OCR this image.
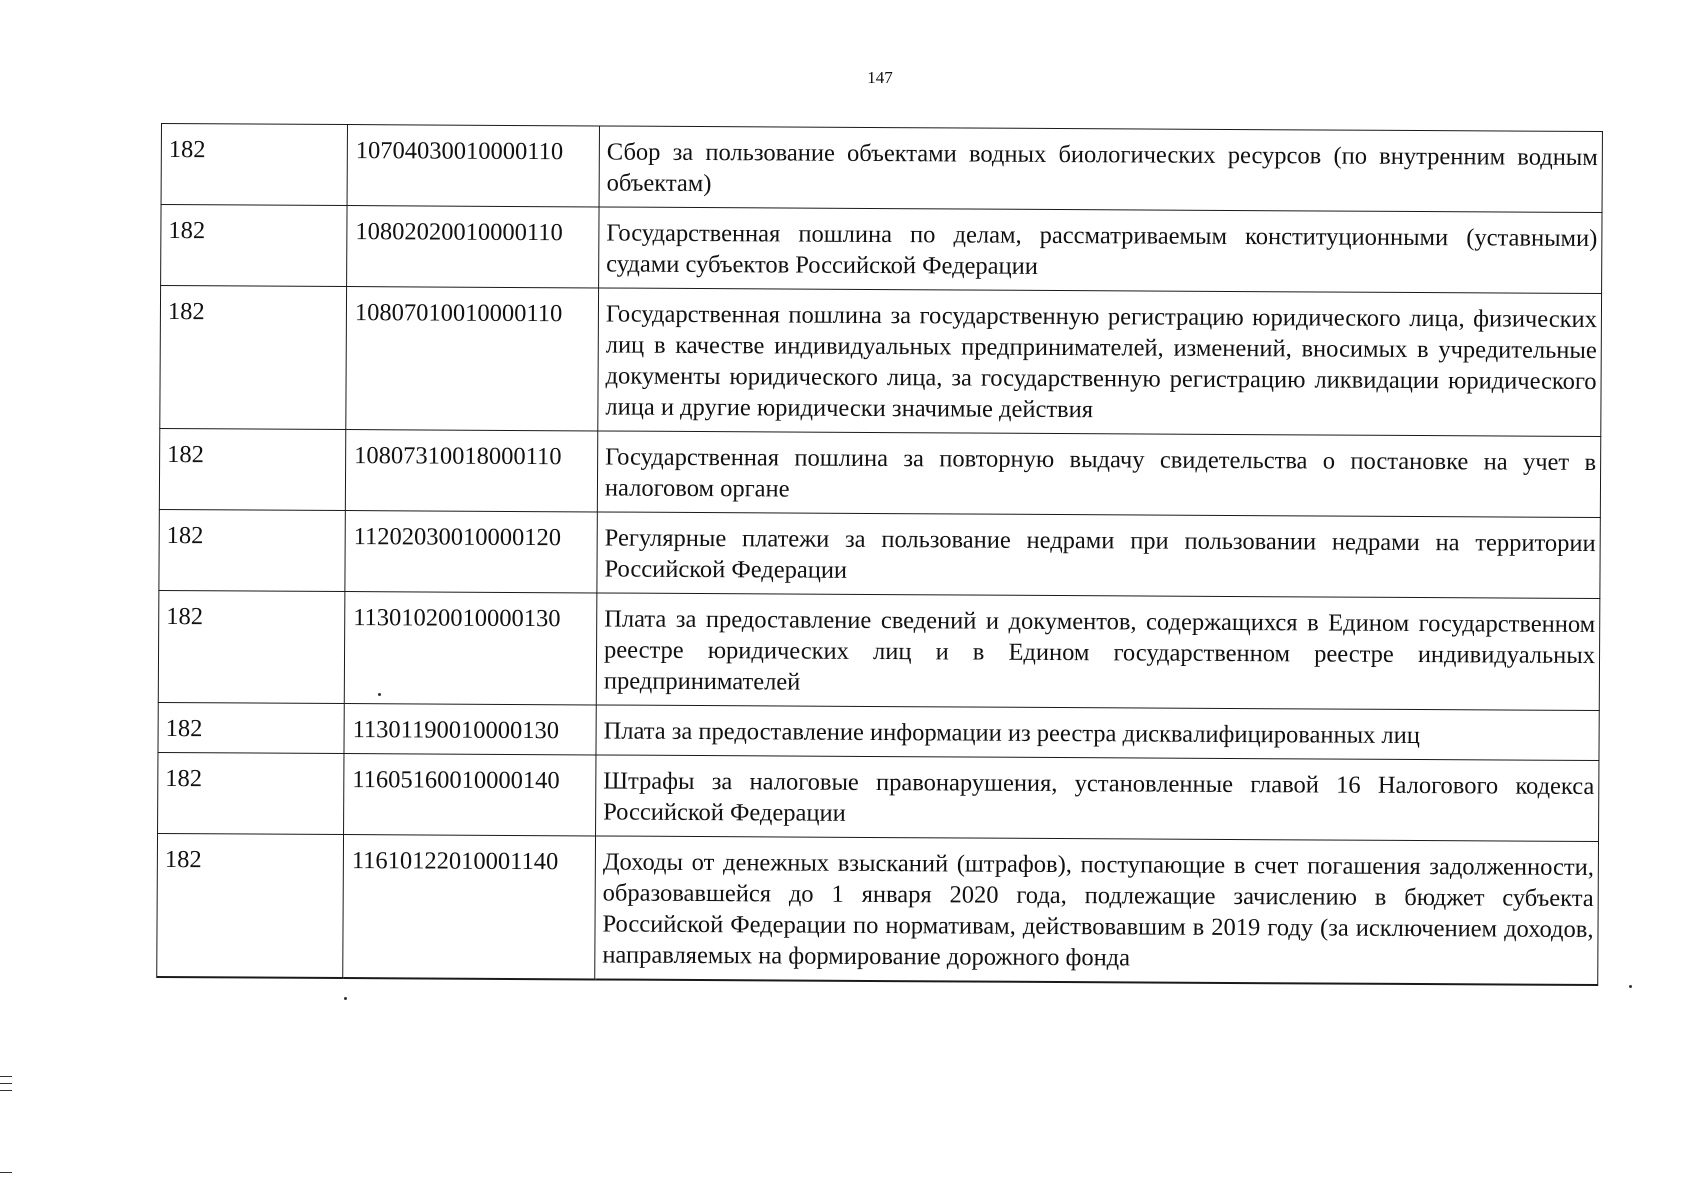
147
182	10704030010000110	Сбор за пользование объектами водных биологических ресурсов (по внутренним водным объектам)
182	10802020010000110	Государственная пошлина по делам, рассматриваемым конституционными (уставными) судами субъектов Российской Федерации
182	10807010010000110	Государственная пошлина за государственную регистрацию юридического лица, физических лиц в качестве индивидуальных предпринимателей, изменений, вносимых в учредительные документы юридического лица, за государственную регистрацию ликвидации юридического лица и другие юридически значимые действия
182	10807310018000110	Государственная пошлина за повторную выдачу свидетельства о постановке на учет в налоговом органе
182	11202030010000120	Регулярные платежи за пользование недрами при пользовании недрами на территории Российской Федерации
182	11301020010000130	Плата за предоставление сведений и документов, содержащихся в Едином государственном реестре юридических лиц и в Едином государственном реестре индивидуальных предпринимателей
182	11301190010000130	Плата за предоставление информации из реестра дисквалифицированных лиц
182	11605160010000140	Штрафы за налоговые правонарушения, установленные главой 16 Налогового кодекса Российской Федерации
182	11610122010001140	Доходы от денежных взысканий (штрафов), поступающие в счет погашения задолженности, образовавшейся до 1 января 2020 года, подлежащие зачислению в бюджет субъекта Российской Федерации по нормативам, действовавшим в 2019 году (за исключением доходов, направляемых на формирование дорожного фонда
